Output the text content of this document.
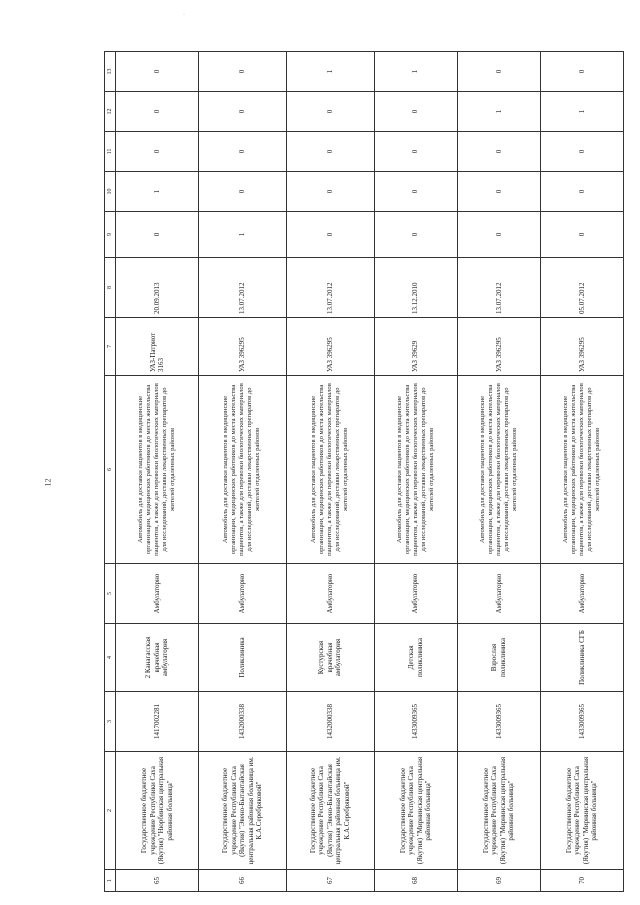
·
12
1	2	3	4	5	6	7	8	9	10	11	12	13
65	Государственное бюджетное учреждение Республики Саха (Якутия) "Нюрбинская центральная районная больница"	1417002281	2 Канагасская врачебная амбулатория	Амбулаторно	Автомобиль для доставки пациентов в медицинские организации, медицинских работников до места жительства пациентов, а также для перевозки биологических материалов для исследований, доставки лекарственных препаратов до жителей отдаленных районов	УАЗ-Патриот 3163	20.09.2013	0	1	0	0	0
66	Государственное бюджетное учреждение Республики Саха (Якутия) "Эвено-Бытантайская центральная районная больница им. К.А.Серебряковой"	1432000338	Поликлиника	Амбулаторно	Автомобиль для доставки пациентов в медицинские организации, медицинских работников до места жительства пациентов, а также для перевозки биологических материалов для исследований, доставки лекарственных препаратов до жителей отдаленных районов	УАЗ 396295	13.07.2012	1	0	0	0	0
67	Государственное бюджетное учреждение Республики Саха (Якутия) "Эвено-Бытантайская центральная районная больница им. К.А.Серебряковой"	1432000338	Кустурская врачебная амбулатория	Амбулаторно	Автомобиль для доставки пациентов в медицинские организации, медицинских работников до места жительства пациентов, а также для перевозки биологических материалов для исследований, доставки лекарственных препаратов до жителей отдаленных районов	УАЗ 396295	13.07.2012	0	0	0	0	1
68	Государственное бюджетное учреждение Республики Саха (Якутия) "Мирнинская центральная районная больница"	1433009365	Детская поликлиника	Амбулаторно	Автомобиль для доставки пациентов в медицинские организации, медицинских работников до места жительства пациентов, а также для перевозки биологических материалов для исследований, доставки лекарственных препаратов до жителей отдаленных районов	УАЗ 39629	13.12.2010	0	0	0	0	1
69	Государственное бюджетное учреждение Республики Саха (Якутия) "Мирнинская центральная районная больница"	1433009365	Взрослая поликлиника	Амбулаторно	Автомобиль для доставки пациентов в медицинские организации, медицинских работников до места жительства пациентов, а также для перевозки биологических материалов для исследований, доставки лекарственных препаратов до жителей отдаленных районов	УАЗ 396295	13.07.2012	0	0	0	1	0
70	Государственное бюджетное учреждение Республики Саха (Якутия) "Мирнинская центральная районная больница"	1433009365	Поликлиника СГБ	Амбулаторно	Автомобиль для доставки пациентов в медицинские организации, медицинских работников до места жительства пациентов, а также для перевозки биологических материалов для исследований, доставки лекарственных препаратов до жителей отдаленных районов	УАЗ 396295	05.07.2012	0	0	0	1	0
